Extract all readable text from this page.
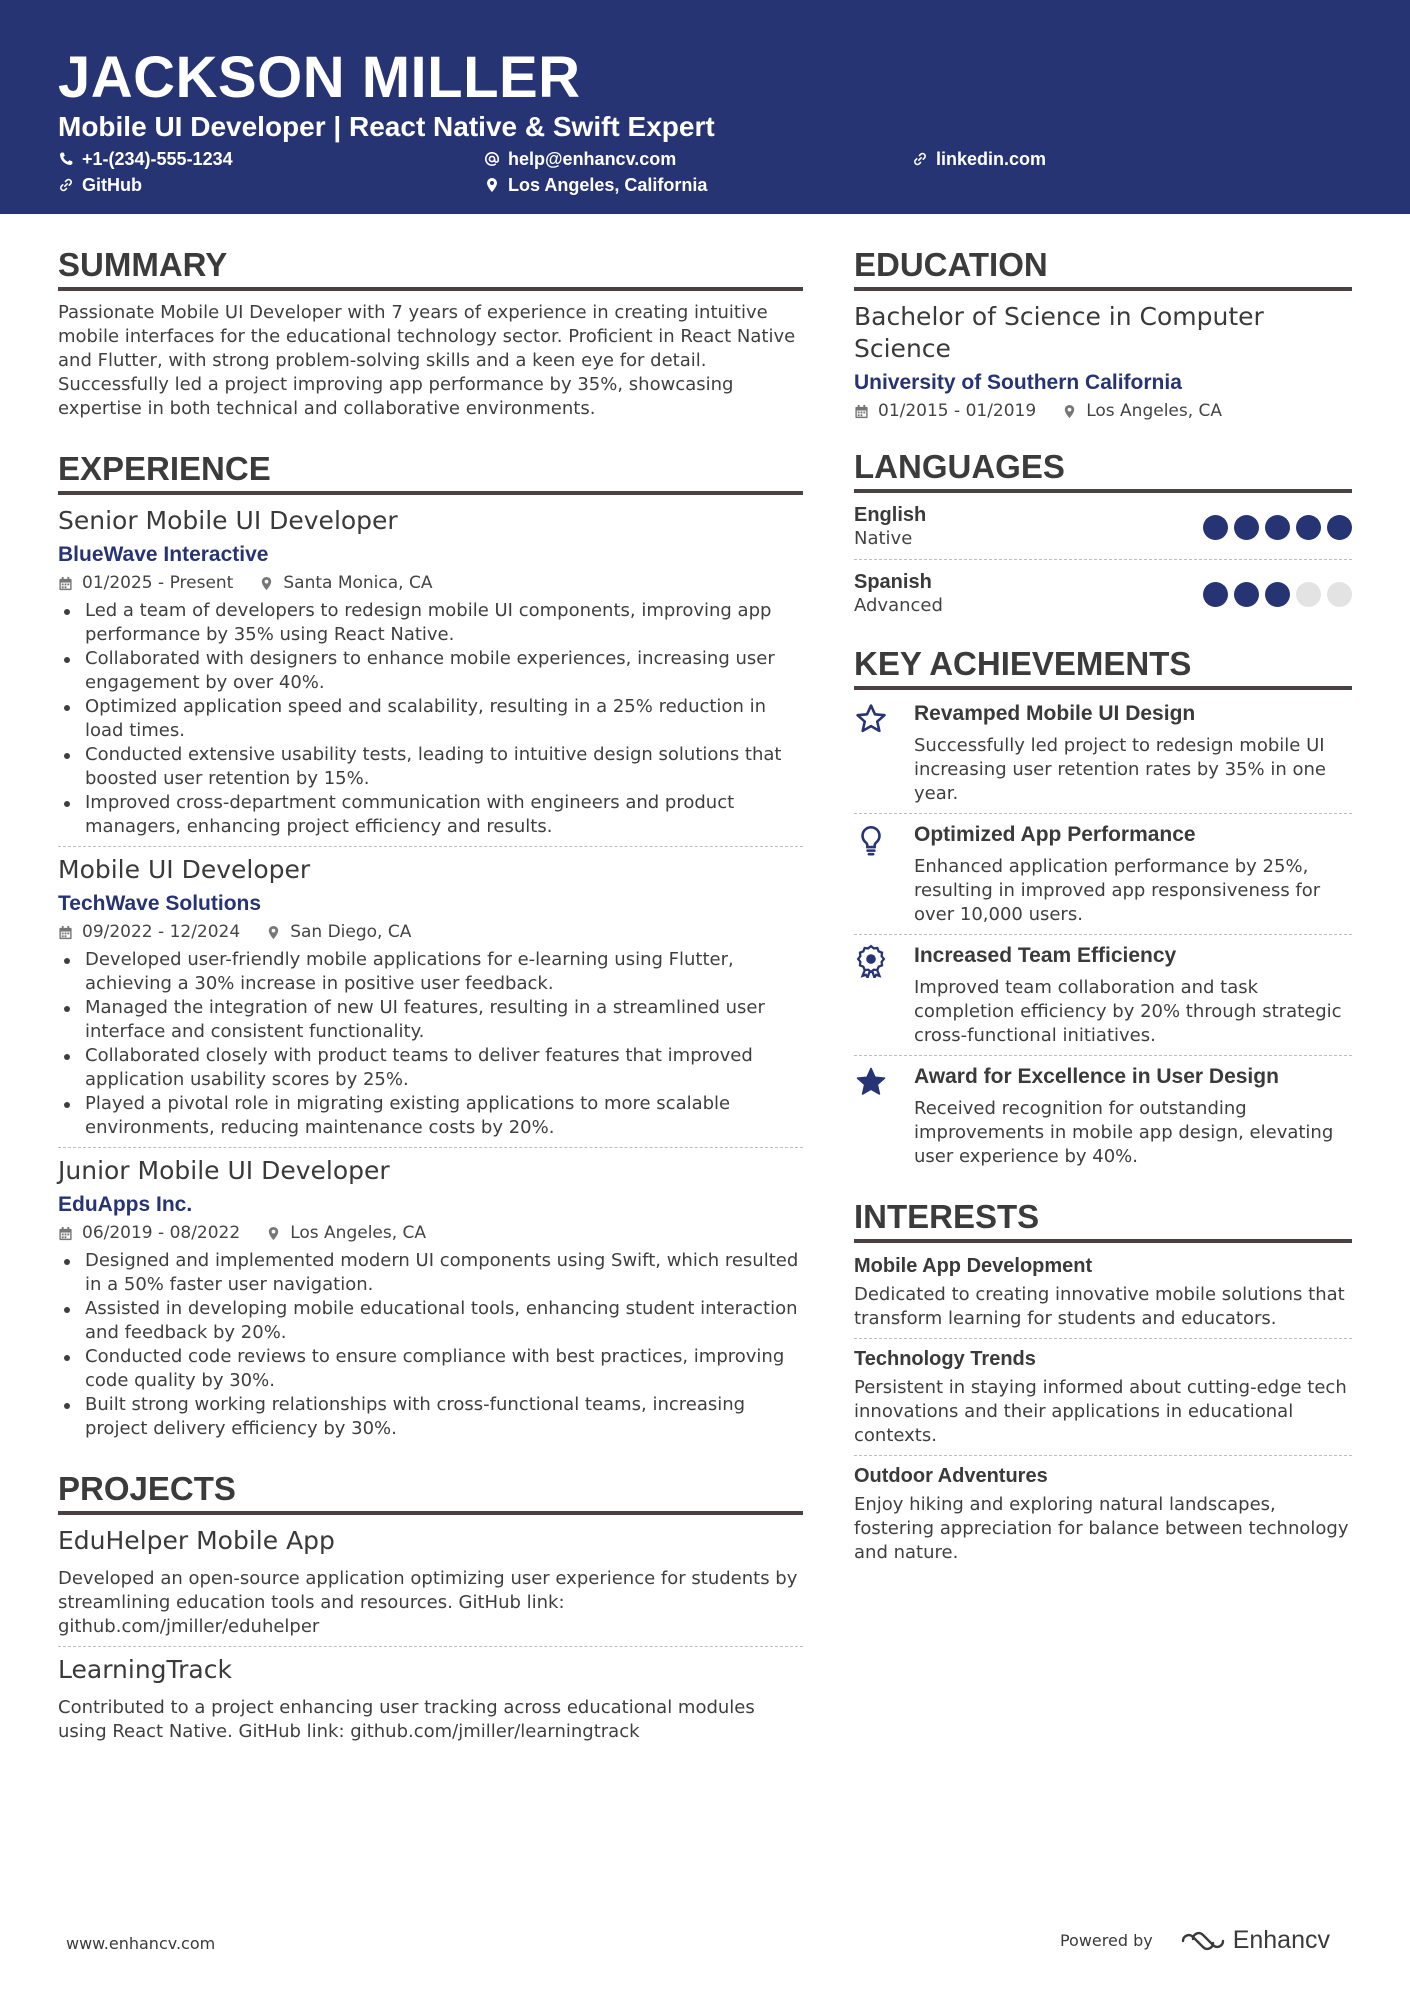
JACKSON MILLER
Mobile UI Developer | React Native & Swift Expert
+1-(234)-555-1234	help@enhancv.com	linkedin.com
GitHub	Los Angeles, California
SUMMARY
Passionate Mobile UI Developer with 7 years of experience in creating intuitive mobile interfaces for the educational technology sector. Proficient in React Native and Flutter, with strong problem-solving skills and a keen eye for detail. Successfully led a project improving app performance by 35%, showcasing expertise in both technical and collaborative environments.
EXPERIENCE
Senior Mobile UI Developer
BlueWave Interactive
01/2025 - Present	Santa Monica, CA
Led a team of developers to redesign mobile UI components, improving app performance by 35% using React Native.
Collaborated with designers to enhance mobile experiences, increasing user engagement by over 40%.
Optimized application speed and scalability, resulting in a 25% reduction in load times.
Conducted extensive usability tests, leading to intuitive design solutions that boosted user retention by 15%.
Improved cross-department communication with engineers and product managers, enhancing project efficiency and results.
Mobile UI Developer
TechWave Solutions
09/2022 - 12/2024	San Diego, CA
Developed user-friendly mobile applications for e-learning using Flutter, achieving a 30% increase in positive user feedback.
Managed the integration of new UI features, resulting in a streamlined user interface and consistent functionality.
Collaborated closely with product teams to deliver features that improved application usability scores by 25%.
Played a pivotal role in migrating existing applications to more scalable environments, reducing maintenance costs by 20%.
Junior Mobile UI Developer
EduApps Inc.
06/2019 - 08/2022	Los Angeles, CA
Designed and implemented modern UI components using Swift, which resulted in a 50% faster user navigation.
Assisted in developing mobile educational tools, enhancing student interaction and feedback by 20%.
Conducted code reviews to ensure compliance with best practices, improving code quality by 30%.
Built strong working relationships with cross-functional teams, increasing project delivery efficiency by 30%.
PROJECTS
EduHelper Mobile App
Developed an open-source application optimizing user experience for students by streamlining education tools and resources. GitHub link: github.com/jmiller/eduhelper
LearningTrack
Contributed to a project enhancing user tracking across educational modules using React Native. GitHub link: github.com/jmiller/learningtrack
EDUCATION
Bachelor of Science in Computer Science
University of Southern California
01/2015 - 01/2019	Los Angeles, CA
LANGUAGES
English
Native
Spanish
Advanced
KEY ACHIEVEMENTS
Revamped Mobile UI Design
Successfully led project to redesign mobile UI increasing user retention rates by 35% in one year.
Optimized App Performance
Enhanced application performance by 25%, resulting in improved app responsiveness for over 10,000 users.
Increased Team Efficiency
Improved team collaboration and task completion efficiency by 20% through strategic cross-functional initiatives.
Award for Excellence in User Design
Received recognition for outstanding improvements in mobile app design, elevating user experience by 40%.
INTERESTS
Mobile App Development
Dedicated to creating innovative mobile solutions that transform learning for students and educators.
Technology Trends
Persistent in staying informed about cutting-edge tech innovations and their applications in educational contexts.
Outdoor Adventures
Enjoy hiking and exploring natural landscapes, fostering appreciation for balance between technology and nature.
www.enhancv.com	Powered by	Enhancv
